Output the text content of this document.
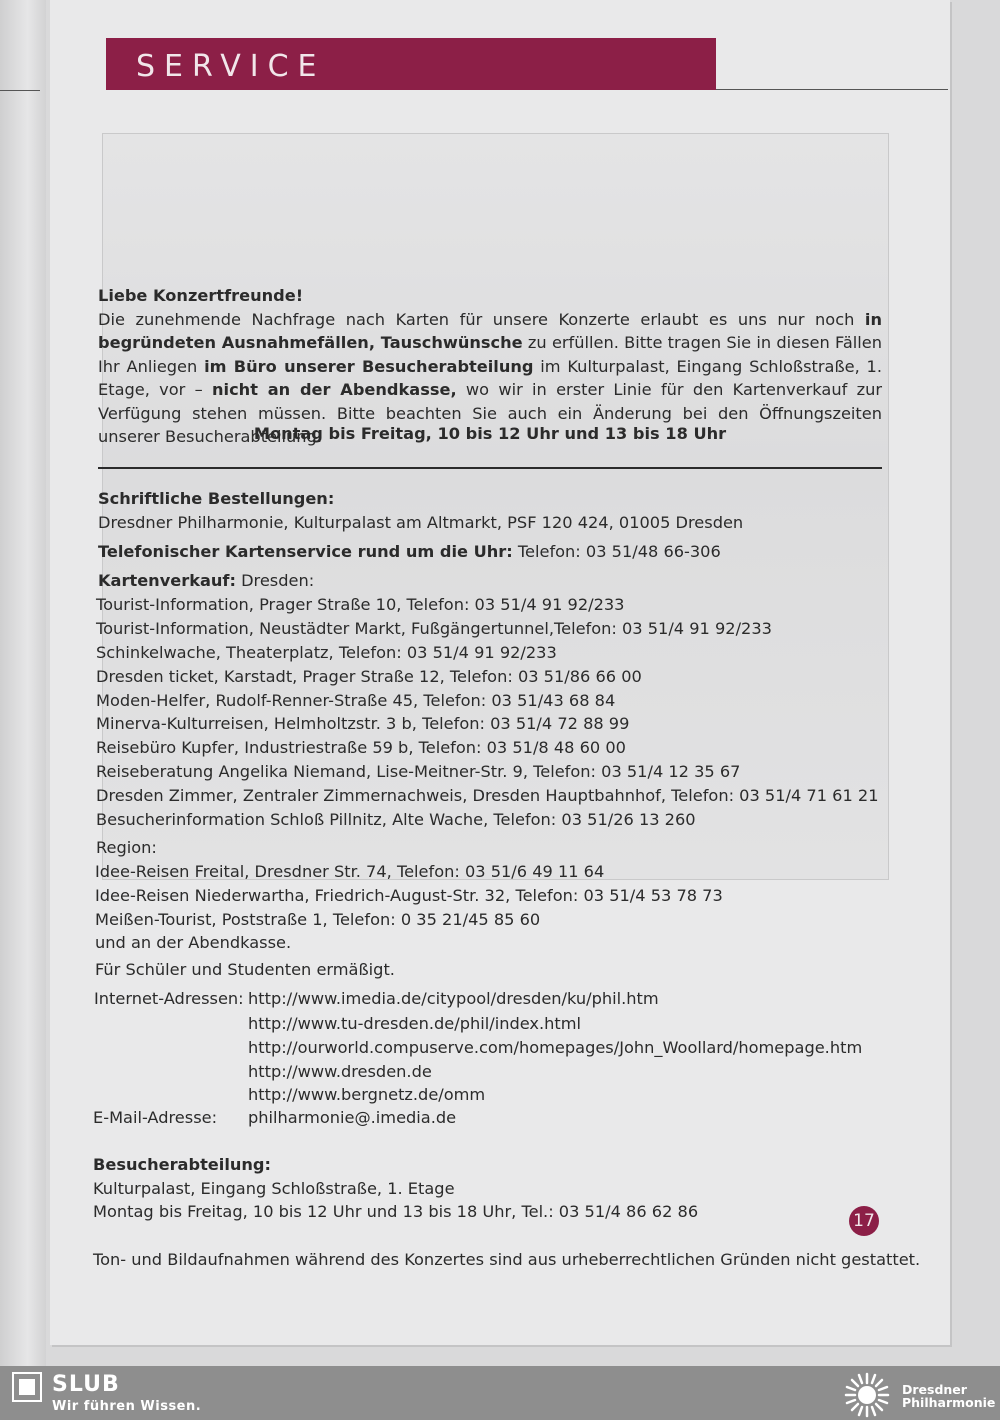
SERVICE
Liebe Konzertfreunde!
Die zunehmende Nachfrage nach Karten für unsere Konzerte erlaubt es uns nur noch in begründeten Ausnahmefällen, Tauschwünsche zu erfüllen. Bitte tragen Sie in diesen Fällen Ihr Anliegen im Büro unserer Besucherabteilung im Kulturpalast, Eingang Schloßstraße, 1. Etage, vor – nicht an der Abendkasse, wo wir in erster Linie für den Kartenverkauf zur Verfügung stehen müssen. Bitte beachten Sie auch ein Änderung bei den Öffnungszeiten unserer Besucherabteilung:
Montag bis Freitag, 10 bis 12 Uhr und 13 bis 18 Uhr
Schriftliche Bestellungen:
Dresdner Philharmonie, Kulturpalast am Altmarkt, PSF 120 424, 01005 Dresden
Telefonischer Kartenservice rund um die Uhr: Telefon: 03 51/48 66-306
Kartenverkauf: Dresden:
Tourist-Information, Prager Straße 10, Telefon: 03 51/4 91 92/233
Tourist-Information, Neustädter Markt, Fußgängertunnel,Telefon: 03 51/4 91 92/233
Schinkelwache, Theaterplatz, Telefon: 03 51/4 91 92/233
Dresden ticket, Karstadt, Prager Straße 12, Telefon: 03 51/86 66 00
Moden-Helfer, Rudolf-Renner-Straße 45, Telefon: 03 51/43 68 84
Minerva-Kulturreisen, Helmholtzstr. 3 b, Telefon: 03 51/4 72 88 99
Reisebüro Kupfer, Industriestraße 59 b, Telefon: 03 51/8 48 60 00
Reiseberatung Angelika Niemand, Lise-Meitner-Str. 9, Telefon: 03 51/4 12 35 67
Dresden Zimmer, Zentraler Zimmernachweis, Dresden Hauptbahnhof, Telefon: 03 51/4 71 61 21
Besucherinformation Schloß Pillnitz, Alte Wache, Telefon: 03 51/26 13 260
Region:
Idee-Reisen Freital, Dresdner Str. 74, Telefon: 03 51/6 49 11 64
Idee-Reisen Niederwartha, Friedrich-August-Str. 32, Telefon: 03 51/4 53 78 73
Meißen-Tourist, Poststraße 1, Telefon: 0 35 21/45 85 60
und an der Abendkasse.
Für Schüler und Studenten ermäßigt.
Internet-Adressen: http://www.imedia.de/citypool/dresden/ku/phil.htm
http://www.tu-dresden.de/phil/index.html
http://ourworld.compuserve.com/homepages/John_Woollard/homepage.htm
http://www.dresden.de
http://www.bergnetz.de/omm
E-Mail-Adresse: philharmonie@.imedia.de
Besucherabteilung:
Kulturpalast, Eingang Schloßstraße, 1. Etage
Montag bis Freitag, 10 bis 12 Uhr und 13 bis 18 Uhr, Tel.: 03 51/4 86 62 86	17
Ton- und Bildaufnahmen während des Konzertes sind aus urheberrechtlichen Gründen nicht gestattet.
SLUB
Wir führen Wissen.
Dresdner
Philharmonie
